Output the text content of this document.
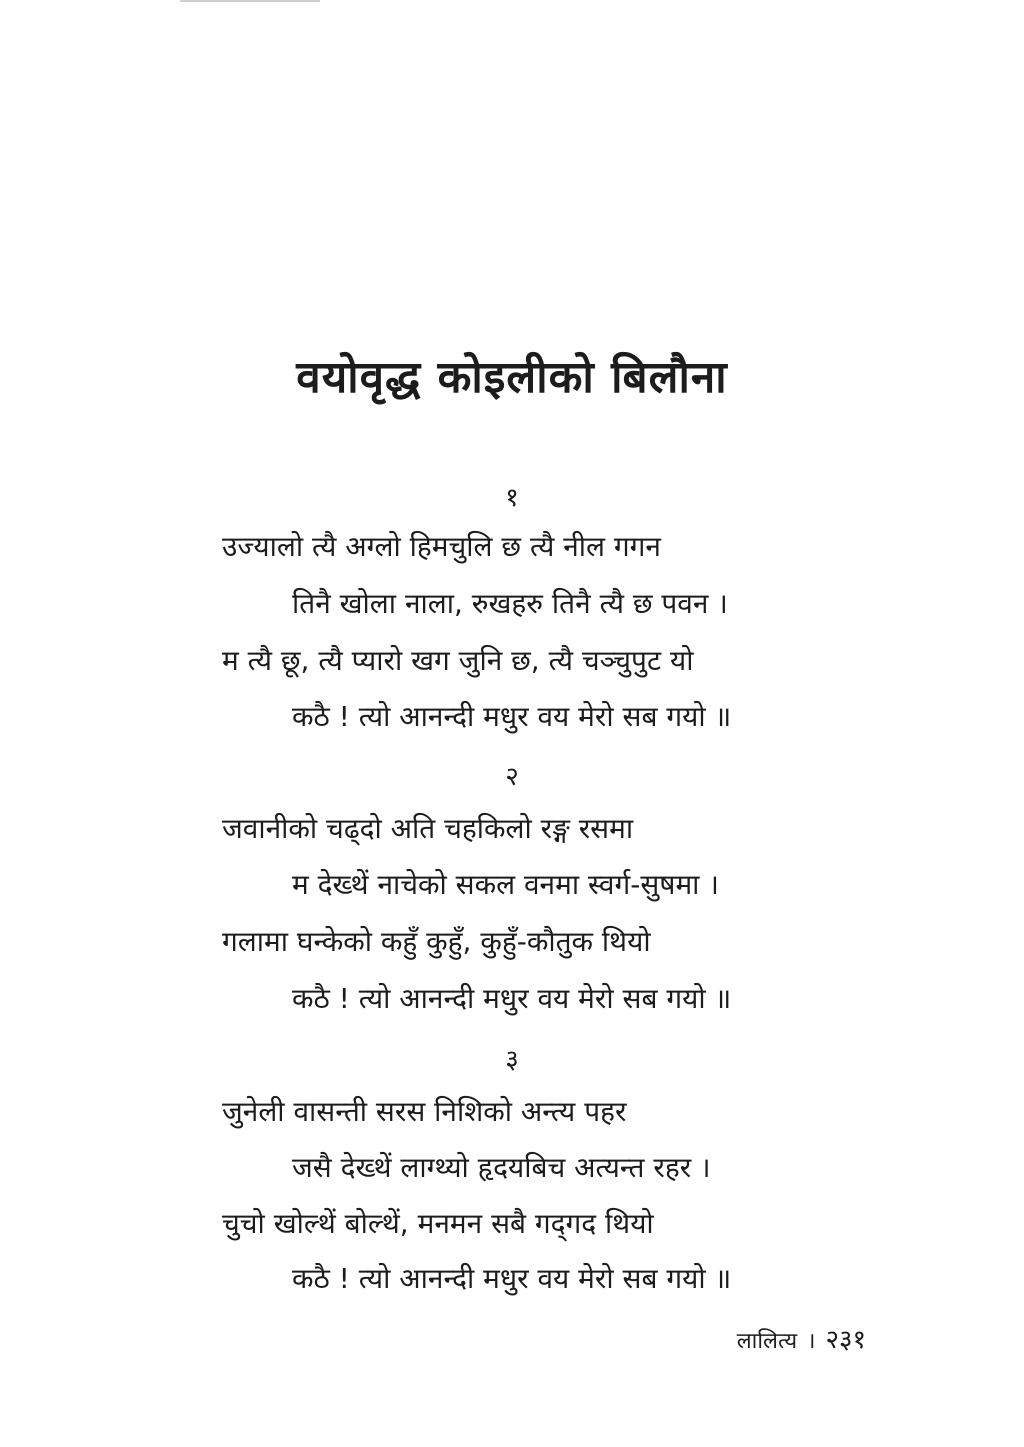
वयोवृद्ध कोइलीको बिलौना
१
उज्यालो त्यै अग्लो हिमचुलि छ त्यै नील गगन
तिनै खोला नाला, रुखहरु तिनै त्यै छ पवन ।
म त्यै छू, त्यै प्यारो खग जुनि छ, त्यै चञ्चुपुट यो
कठै ! त्यो आनन्दी मधुर वय मेरो सब गयो ॥
२
जवानीको चढ्दो अति चहकिलो रङ्ग रसमा
म देख्थें नाचेको सकल वनमा स्वर्ग-सुषमा ।
गलामा घन्केको कहुँ कुहुँ, कुहुँ-कौतुक थियो
कठै ! त्यो आनन्दी मधुर वय मेरो सब गयो ॥
३
जुनेली वासन्ती सरस निशिको अन्त्य पहर
जसै देख्थें लाग्थ्यो हृदयबिच अत्यन्त रहर ।
चुचो खोल्थें बोल्थें, मनमन सबै गद्‌गद थियो
कठै ! त्यो आनन्दी मधुर वय मेरो सब गयो ॥
लालित्य । २३१
